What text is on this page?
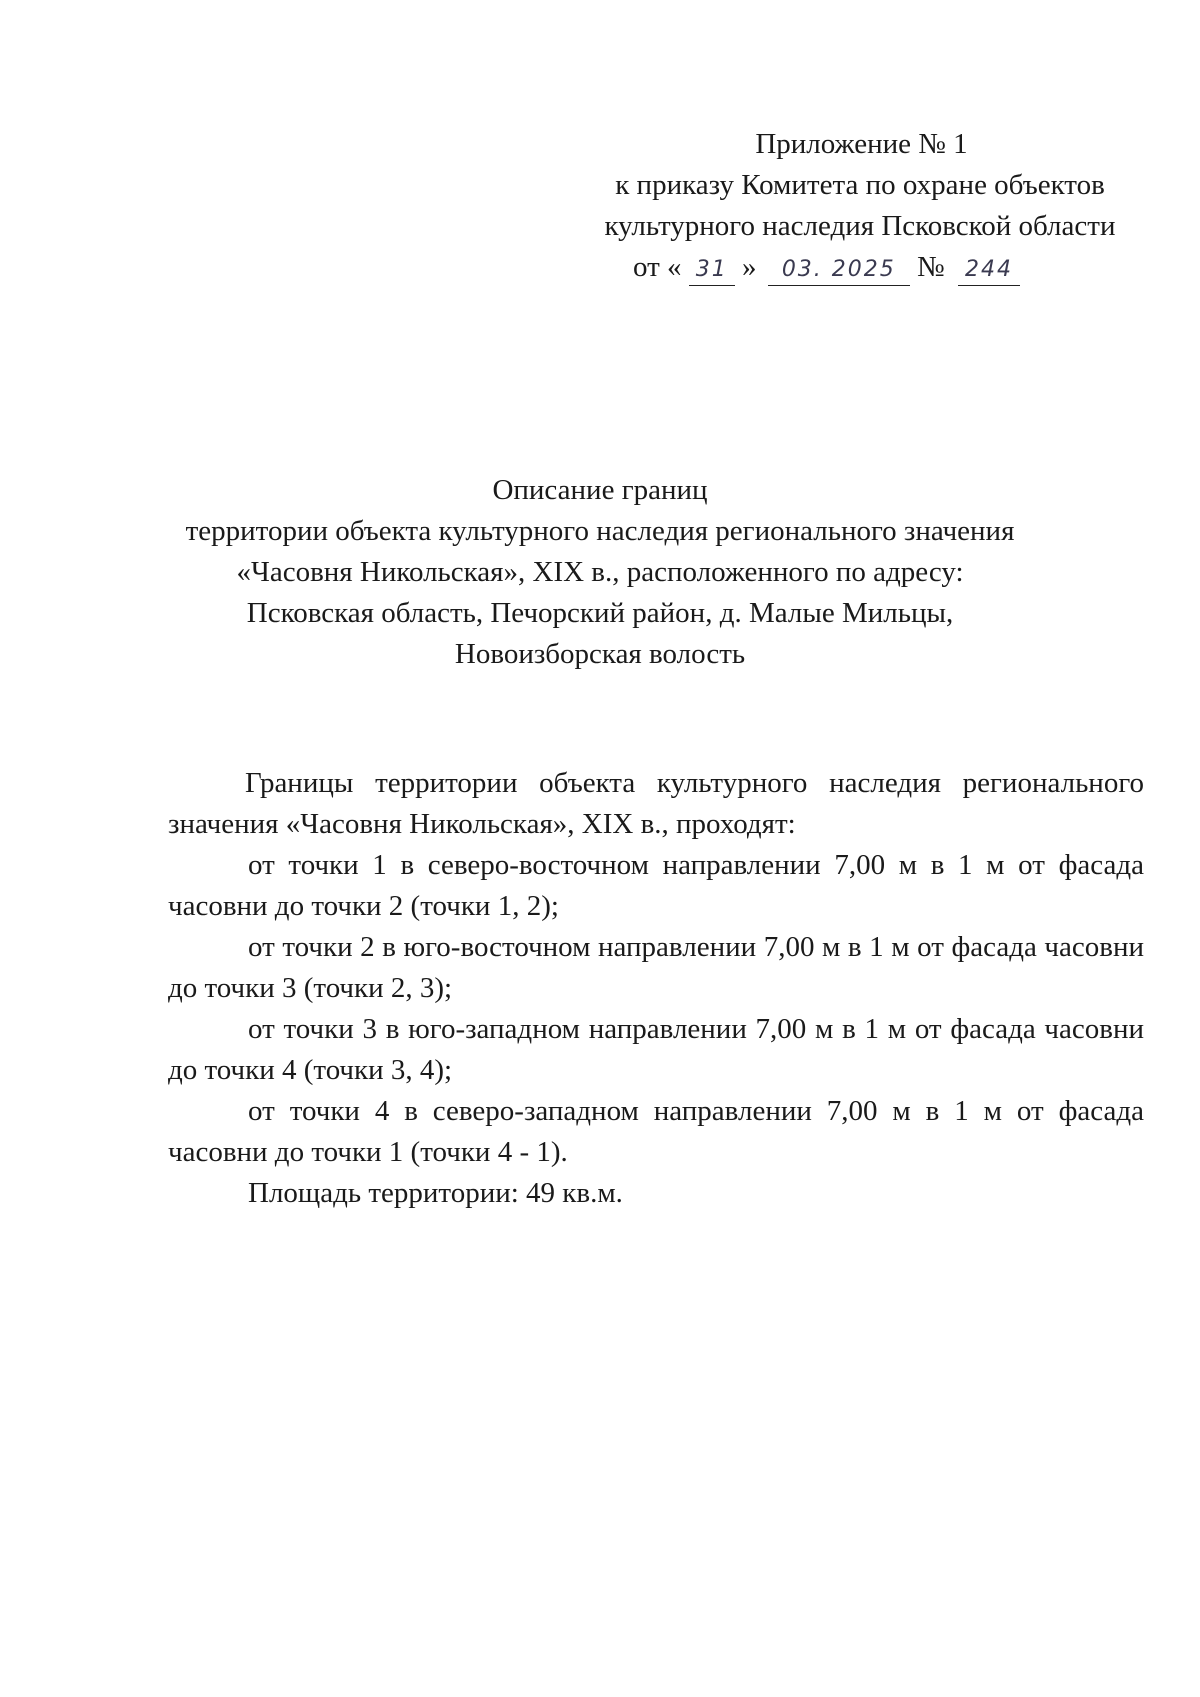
Приложение № 1
к приказу Комитета по охране объектов
культурного наследия Псковской области
от « 31 » 03. 2025 № 244
Описание границ
территории объекта культурного наследия регионального значения
«Часовня Никольская», XIX в., расположенного по адресу:
Псковская область, Печорский район, д. Малые Мильцы,
Новоизборская волость

Границы территории объекта культурного наследия регионального значения «Часовня Никольская», XIX в., проходят:

от точки 1 в северо-восточном направлении 7,00 м в 1 м от фасада часовни до точки 2 (точки 1, 2);

от точки 2 в юго-восточном направлении 7,00 м в 1 м от фасада часовни до точки 3 (точки 2, 3);

от точки 3 в юго-западном направлении 7,00 м в 1 м от фасада часовни до точки 4 (точки 3, 4);

от точки 4 в северо-западном направлении 7,00 м в 1 м от фасада часовни до точки 1 (точки 4 - 1).

Площадь территории: 49 кв.м.
